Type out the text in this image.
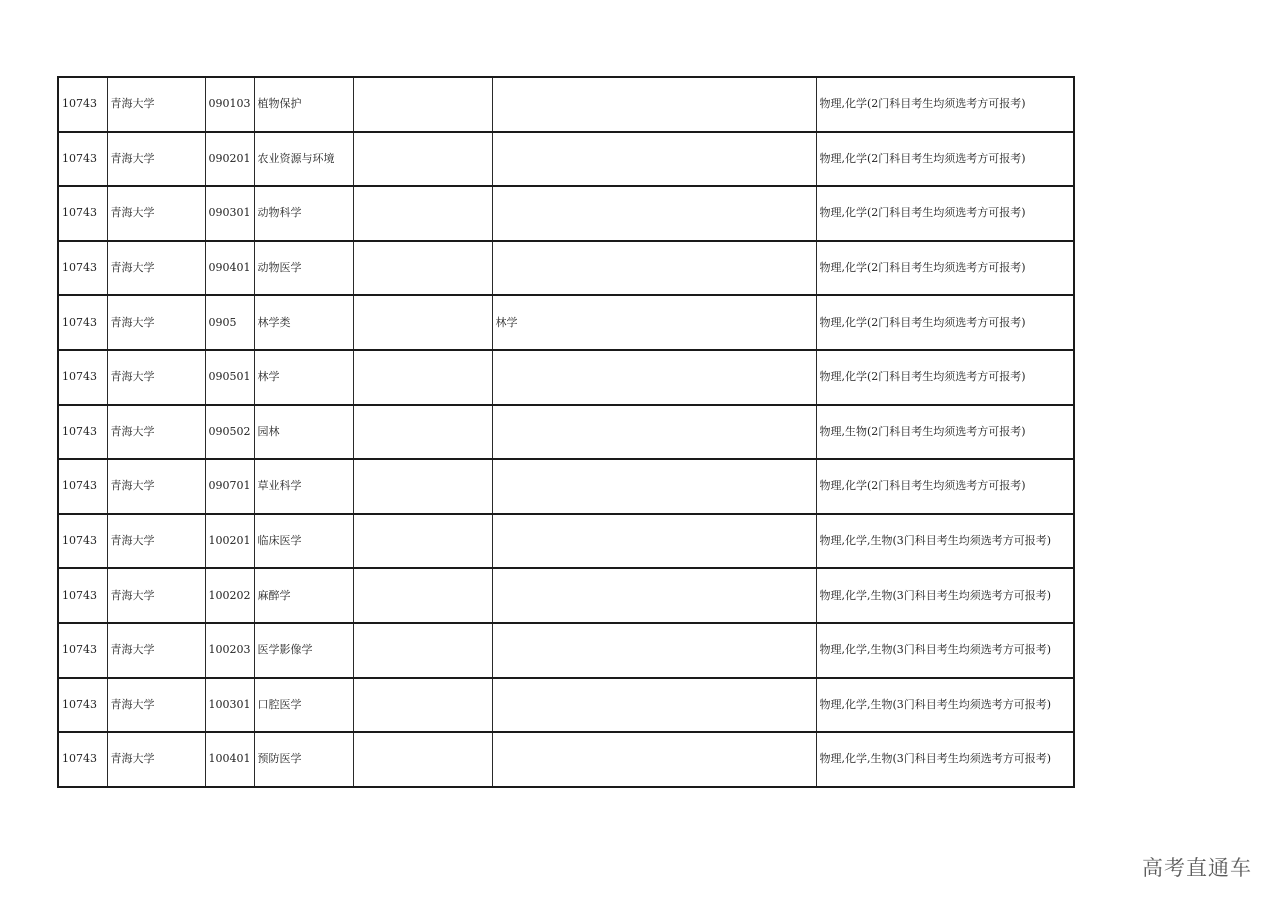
10743	青海大学	090103	植物保护			物理,化学(2门科目考生均须选考方可报考)
10743	青海大学	090201	农业资源与环境			物理,化学(2门科目考生均须选考方可报考)
10743	青海大学	090301	动物科学			物理,化学(2门科目考生均须选考方可报考)
10743	青海大学	090401	动物医学			物理,化学(2门科目考生均须选考方可报考)
10743	青海大学	0905	林学类		林学	物理,化学(2门科目考生均须选考方可报考)
10743	青海大学	090501	林学			物理,化学(2门科目考生均须选考方可报考)
10743	青海大学	090502	园林			物理,生物(2门科目考生均须选考方可报考)
10743	青海大学	090701	草业科学			物理,化学(2门科目考生均须选考方可报考)
10743	青海大学	100201	临床医学			物理,化学,生物(3门科目考生均须选考方可报考)
10743	青海大学	100202	麻醉学			物理,化学,生物(3门科目考生均须选考方可报考)
10743	青海大学	100203	医学影像学			物理,化学,生物(3门科目考生均须选考方可报考)
10743	青海大学	100301	口腔医学			物理,化学,生物(3门科目考生均须选考方可报考)
10743	青海大学	100401	预防医学			物理,化学,生物(3门科目考生均须选考方可报考)
高考直通车
